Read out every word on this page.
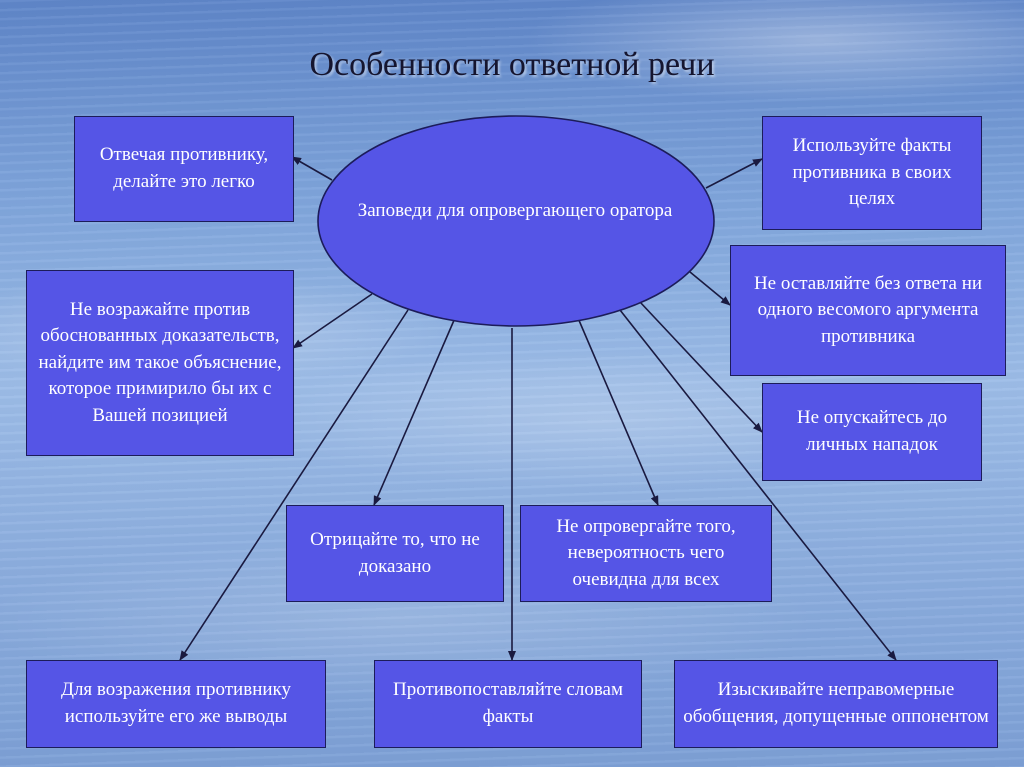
Особенности ответной речи
Заповеди для опровергающего оратора
Отвечая противнику, делайте это легко
Используйте факты противника в своих целях
Не возражайте против обоснованных доказательств, найдите им такое объяснение, которое примирило бы их с Вашей позицией
Не оставляйте без ответа ни одного весомого аргумента противника
Не опускайтесь до личных нападок
Отрицайте то, что не доказано
Не опровергайте того, невероятность чего очевидна для всех
Для возражения противнику используйте его же выводы
Противопоставляйте словам факты
Изыскивайте неправомерные обобщения, допущенные оппонентом
